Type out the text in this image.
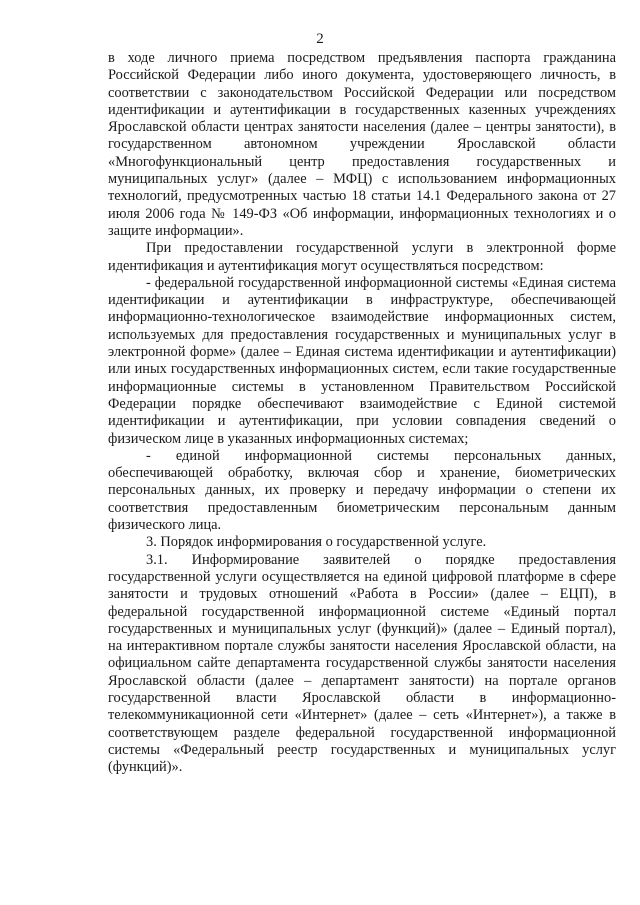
2

в ходе личного приема посредством предъявления паспорта гражданина Российской Федерации либо иного документа, удостоверяющего личность, в соответствии с законодательством Российской Федерации или посредством идентификации и аутентификации в государственных казенных учреждениях Ярославской области центрах занятости населения (далее – центры занятости), в государственном автономном учреждении Ярославской области «Многофункциональный центр предоставления государственных и муниципальных услуг» (далее – МФЦ) с использованием информационных технологий, предусмотренных частью 18 статьи 14.1 Федерального закона от 27 июля 2006 года № 149-ФЗ «Об информации, информационных технологиях и о защите информации».

При предоставлении государственной услуги в электронной форме идентификация и аутентификация могут осуществляться посредством:

- федеральной государственной информационной системы «Единая система идентификации и аутентификации в инфраструктуре, обеспечивающей информационно-технологическое взаимодействие информационных систем, используемых для предоставления государственных и муниципальных услуг в электронной форме» (далее – Единая система идентификации и аутентификации) или иных государственных информационных систем, если такие государственные информационные системы в установленном Правительством Российской Федерации порядке обеспечивают взаимодействие с Единой системой идентификации и аутентификации, при условии совпадения сведений о физическом лице в указанных информационных системах;

- единой информационной системы персональных данных, обеспечивающей обработку, включая сбор и хранение, биометрических персональных данных, их проверку и передачу информации о степени их соответствия предоставленным биометрическим персональным данным физического лица.

3. Порядок информирования о государственной услуге.

3.1. Информирование заявителей о порядке предоставления государственной услуги осуществляется на единой цифровой платформе в сфере занятости и трудовых отношений «Работа в России» (далее – ЕЦП), в федеральной государственной информационной системе «Единый портал государственных и муниципальных услуг (функций)» (далее – Единый портал), на интерактивном портале службы занятости населения Ярославской области, на официальном сайте департамента государственной службы занятости населения Ярославской области (далее – департамент занятости) на портале органов государственной власти Ярославской области в информационно-телекоммуникационной сети «Интернет» (далее – сеть «Интернет»), а также в соответствующем разделе федеральной государственной информационной системы «Федеральный реестр государственных и муниципальных услуг (функций)».
